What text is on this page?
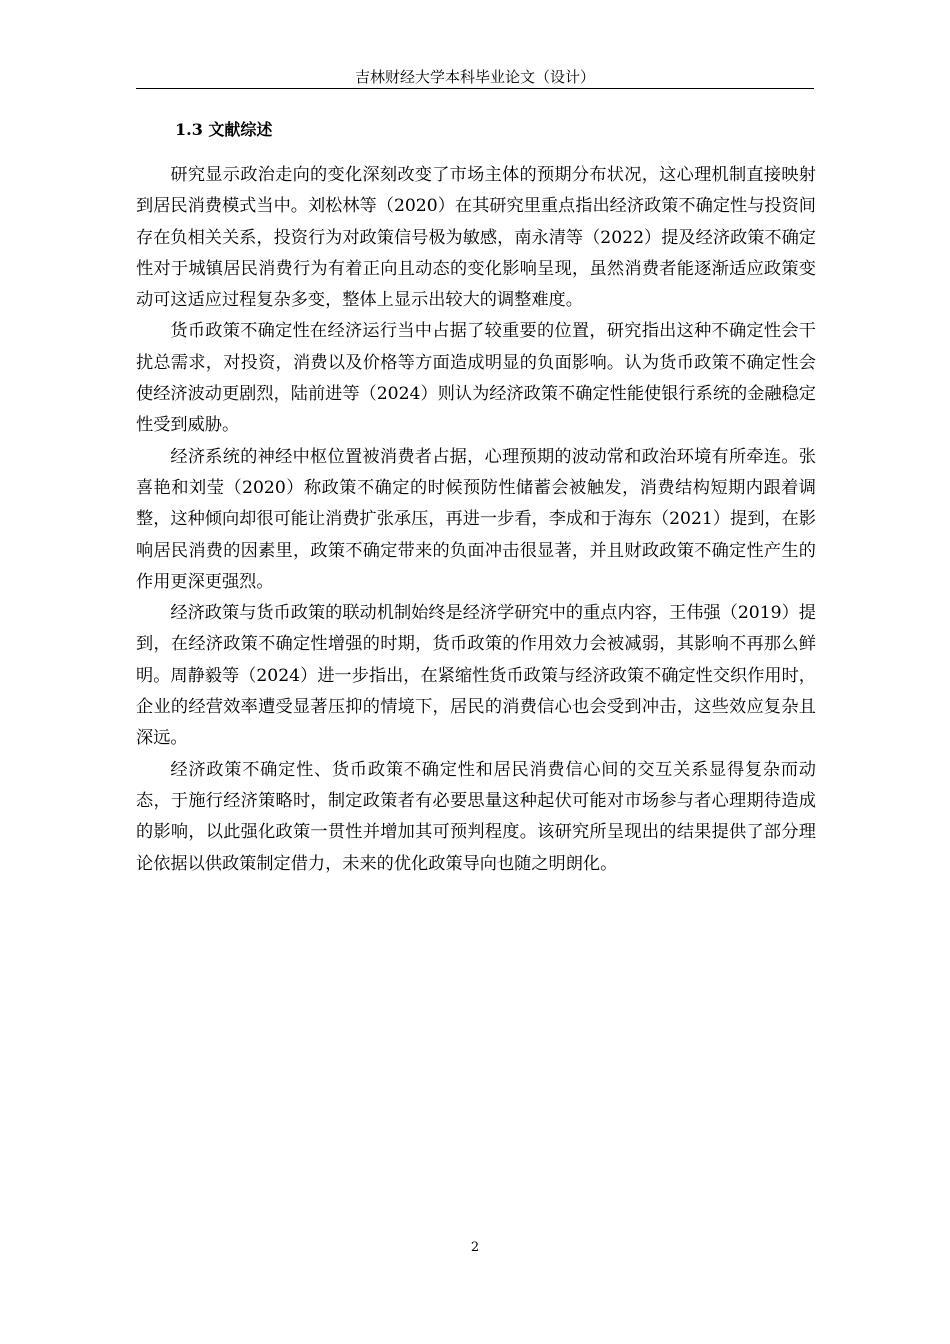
吉林财经大学本科毕业论文（设计）
1.3 文献综述

研究显示政治走向的变化深刻改变了市场主体的预期分布状况，这心理机制直接映射到居民消费模式当中。刘松林等（2020）在其研究里重点指出经济政策不确定性与投资间存在负相关关系，投资行为对政策信号极为敏感，南永清等（2022）提及经济政策不确定性对于城镇居民消费行为有着正向且动态的变化影响呈现，虽然消费者能逐渐适应政策变动可这适应过程复杂多变，整体上显示出较大的调整难度。

货币政策不确定性在经济运行当中占据了较重要的位置，研究指出这种不确定性会干扰总需求，对投资，消费以及价格等方面造成明显的负面影响。认为货币政策不确定性会使经济波动更剧烈，陆前进等（2024）则认为经济政策不确定性能使银行系统的金融稳定性受到威胁。

经济系统的神经中枢位置被消费者占据，心理预期的波动常和政治环境有所牵连。张喜艳和刘莹（2020）称政策不确定的时候预防性储蓄会被触发，消费结构短期内跟着调整，这种倾向却很可能让消费扩张承压，再进一步看，李成和于海东（2021）提到，在影响居民消费的因素里，政策不确定带来的负面冲击很显著，并且财政政策不确定性产生的作用更深更强烈。

经济政策与货币政策的联动机制始终是经济学研究中的重点内容，王伟强（2019）提到，在经济政策不确定性增强的时期，货币政策的作用效力会被减弱，其影响不再那么鲜明。周静毅等（2024）进一步指出，在紧缩性货币政策与经济政策不确定性交织作用时，企业的经营效率遭受显著压抑的情境下，居民的消费信心也会受到冲击，这些效应复杂且深远。

经济政策不确定性、货币政策不确定性和居民消费信心间的交互关系显得复杂而动态，于施行经济策略时，制定政策者有必要思量这种起伏可能对市场参与者心理期待造成的影响，以此强化政策一贯性并增加其可预判程度。该研究所呈现出的结果提供了部分理论依据以供政策制定借力，未来的优化政策导向也随之明朗化。

2
